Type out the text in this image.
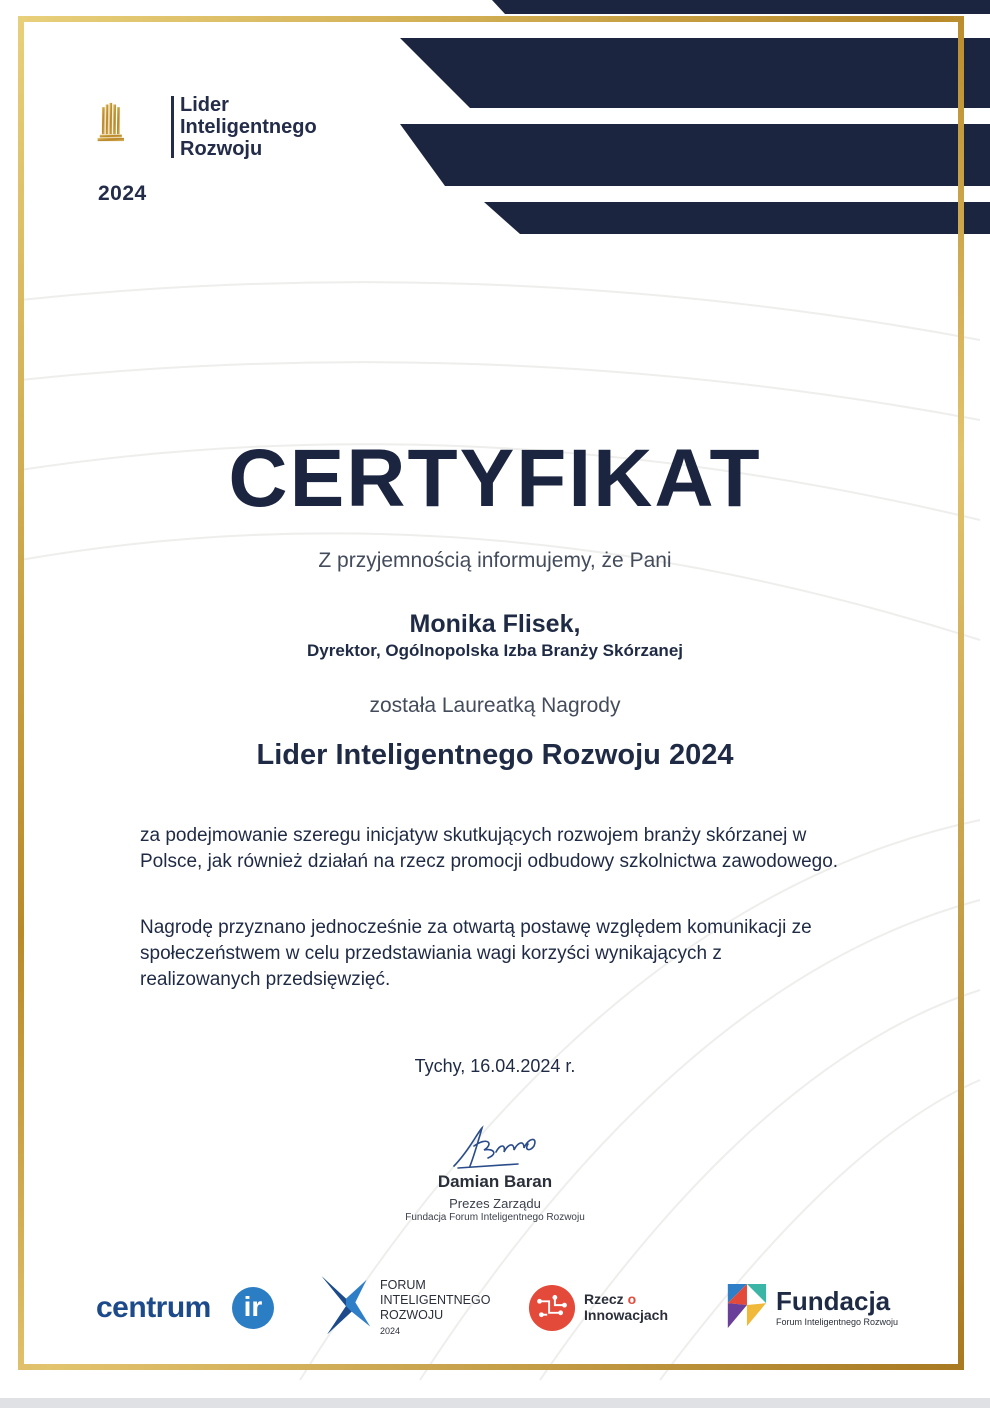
Lider
Inteligentnego
Rozwoju
2024
CERTYFIKAT
Z przyjemnością informujemy, że Pani
Monika Flisek,
Dyrektor, Ogólnopolska Izba Branży Skórzanej
została Laureatką Nagrody
Lider Inteligentnego Rozwoju 2024
za podejmowanie szeregu inicjatyw skutkujących rozwojem branży skórzanej w Polsce, jak również działań na rzecz promocji odbudowy szkolnictwa zawodowego.
Nagrodę przyznano jednocześnie za otwartą postawę względem komunikacji ze społeczeństwem w celu przedstawiania wagi korzyści wynikających z realizowanych przedsięwzięć.
Tychy, 16.04.2024 r.
Damian Baran
Prezes Zarządu
Fundacja Forum Inteligentnego Rozwoju
centrum	ir
FORUM
INTELIGENTNEGO
ROZWOJU
2024
Rzecz o
Innowacjach	Fundacja
Forum Inteligentnego Rozwoju
